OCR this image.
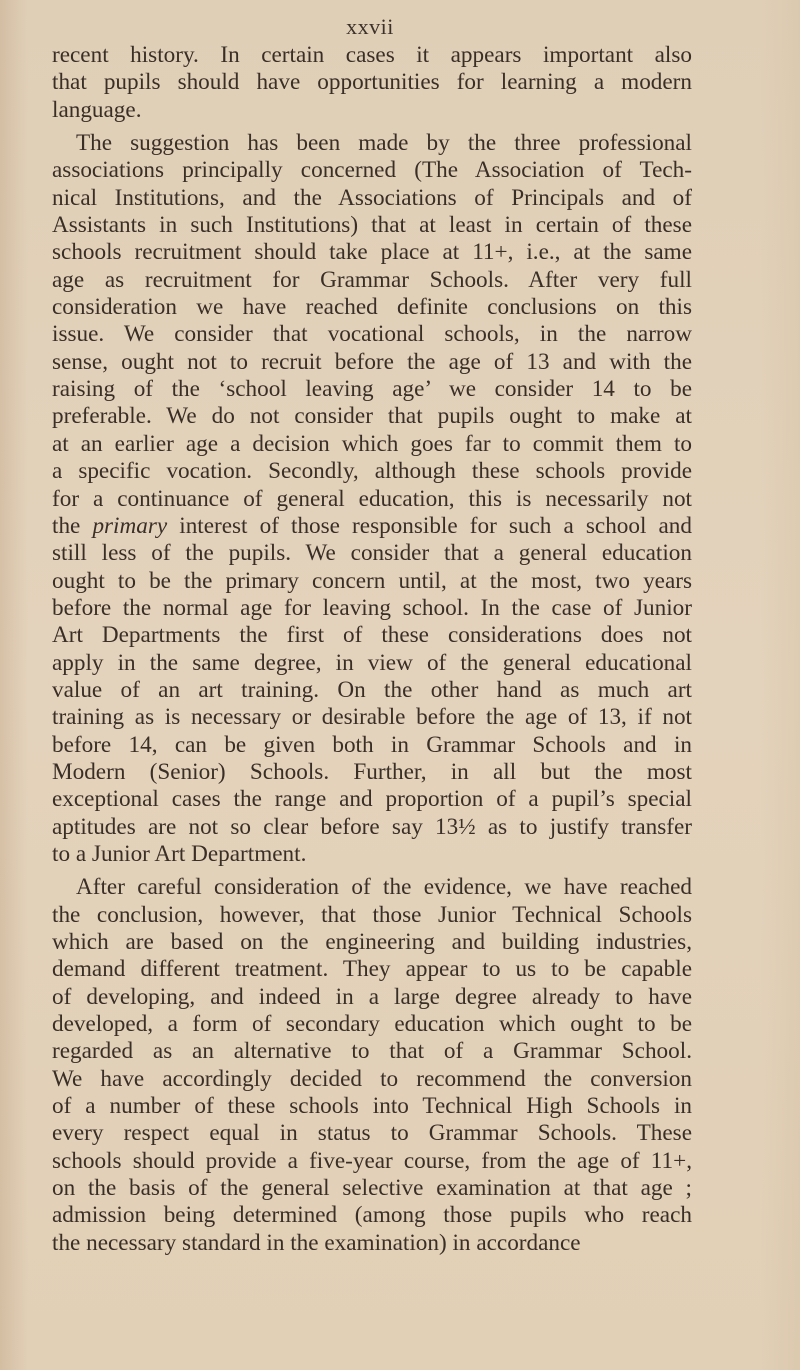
xxvii
recent history. In certain cases it appears important also
that pupils should have opportunities for learning a modern
language.
The suggestion has been made by the three professional
associations principally concerned (The Association of Tech-
nical Institutions, and the Associations of Principals and of
Assistants in such Institutions) that at least in certain of these
schools recruitment should take place at 11+, i.e., at the same
age as recruitment for Grammar Schools. After very full
consideration we have reached definite conclusions on this
issue. We consider that vocational schools, in the narrow
sense, ought not to recruit before the age of 13 and with the
raising of the ‘school leaving age’ we consider 14 to be
preferable. We do not consider that pupils ought to make at
at an earlier age a decision which goes far to commit them to
a specific vocation. Secondly, although these schools provide
for a continuance of general education, this is necessarily not
the primary interest of those responsible for such a school and
still less of the pupils. We consider that a general education
ought to be the primary concern until, at the most, two years
before the normal age for leaving school. In the case of Junior
Art Departments the first of these considerations does not
apply in the same degree, in view of the general educational
value of an art training. On the other hand as much art
training as is necessary or desirable before the age of 13, if not
before 14, can be given both in Grammar Schools and in
Modern (Senior) Schools. Further, in all but the most
exceptional cases the range and proportion of a pupil’s special
aptitudes are not so clear before say 13½ as to justify transfer
to a Junior Art Department.
After careful consideration of the evidence, we have reached
the conclusion, however, that those Junior Technical Schools
which are based on the engineering and building industries,
demand different treatment. They appear to us to be capable
of developing, and indeed in a large degree already to have
developed, a form of secondary education which ought to be
regarded as an alternative to that of a Grammar School.
We have accordingly decided to recommend the conversion
of a number of these schools into Technical High Schools in
every respect equal in status to Grammar Schools. These
schools should provide a five-year course, from the age of 11+,
on the basis of the general selective examination at that age ;
admission being determined (among those pupils who reach
the necessary standard in the examination) in accordance
